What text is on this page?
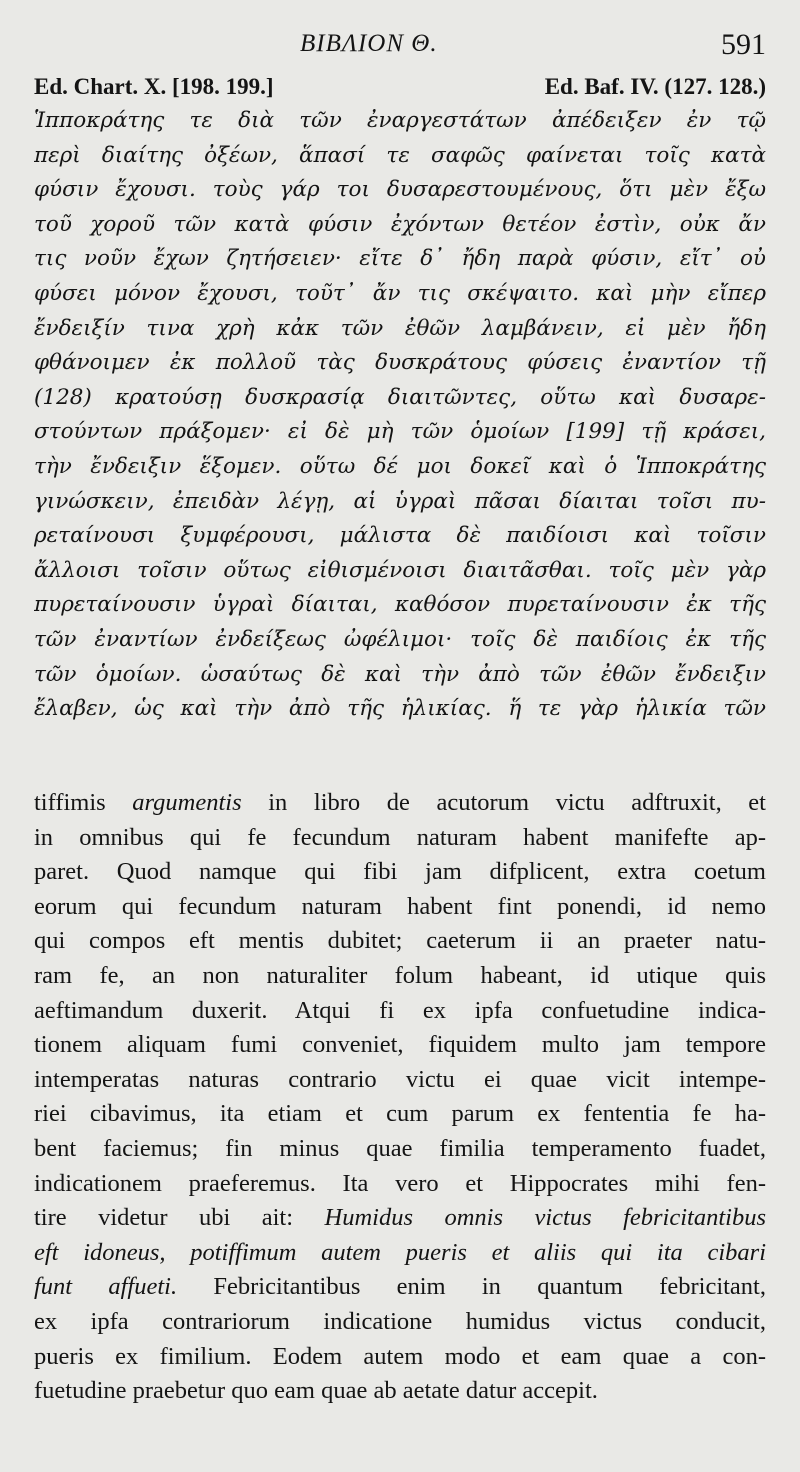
ΒΙΒΛΙΟΝ Θ.	591
Ed. Chart. X. [198. 199.]	Ed. Baf. IV. (127. 128.)
Ἱπποκράτης τε διὰ τῶν ἐναργεστάτων ἀπέδειξεν ἐν τῷ
περὶ διαίτης ὀξέων, ἅπασί τε σαφῶς φαίνεται τοῖς κατὰ
φύσιν ἔχουσι. τοὺς γάρ τοι δυσαρεστουμένους, ὅτι μὲν ἔξω
τοῦ χοροῦ τῶν κατὰ φύσιν ἐχόντων θετέον ἐστὶν, οὐκ ἄν
τις νοῦν ἔχων ζητήσειεν· εἴτε δ᾽ ἤδη παρὰ φύσιν, εἴτ᾽ οὐ
φύσει μόνον ἔχουσι, τοῦτ᾽ ἄν τις σκέψαιτο. καὶ μὴν εἴπερ
ἔνδειξίν τινα χρὴ κἀκ τῶν ἐθῶν λαμβάνειν, εἰ μὲν ἤδη
φθάνοιμεν ἐκ πολλοῦ τὰς δυσκράτους φύσεις ἐναντίον τῇ
(128) κρατούσῃ δυσκρασίᾳ διαιτῶντες, οὕτω καὶ δυσαρε-
στούντων πράξομεν· εἰ δὲ μὴ τῶν ὁμοίων [199] τῇ κράσει,
τὴν ἔνδειξιν ἕξομεν. οὕτω δέ μοι δοκεῖ καὶ ὁ Ἱπποκράτης
γινώσκειν, ἐπειδὰν λέγῃ, αἱ ὑγραὶ πᾶσαι δίαιται τοῖσι πυ-
ρεταίνουσι ξυμφέρουσι, μάλιστα δὲ παιδίοισι καὶ τοῖσιν
ἄλλοισι τοῖσιν οὕτως εἰθισμένοισι διαιτᾶσθαι. τοῖς μὲν γὰρ
πυρεταίνουσιν ὑγραὶ δίαιται, καθόσον πυρεταίνουσιν ἐκ τῆς
τῶν ἐναντίων ἐνδείξεως ὠφέλιμοι· τοῖς δὲ παιδίοις ἐκ τῆς
τῶν ὁμοίων. ὡσαύτως δὲ καὶ τὴν ἀπὸ τῶν ἐθῶν ἔνδειξιν
ἔλαβεν, ὡς καὶ τὴν ἀπὸ τῆς ἡλικίας. ἥ τε γὰρ ἡλικία τῶν
tiffimis argumentis in libro de acutorum victu adftruxit, et
in omnibus qui fe fecundum naturam habent manifefte ap-
paret. Quod namque qui fibi jam difplicent, extra coetum
eorum qui fecundum naturam habent fint ponendi, id nemo
qui compos eft mentis dubitet; caeterum ii an praeter natu-
ram fe, an non naturaliter folum habeant, id utique quis
aeftimandum duxerit. Atqui fi ex ipfa confuetudine indica-
tionem aliquam fumi conveniet, fiquidem multo jam tempore
intemperatas naturas contrario victu ei quae vicit intempe-
riei cibavimus, ita etiam et cum parum ex fententia fe ha-
bent faciemus; fin minus quae fimilia temperamento fuadet,
indicationem praeferemus. Ita vero et Hippocrates mihi fen-
tire videtur ubi ait: Humidus omnis victus febricitantibus
eft idoneus, potiffimum autem pueris et aliis qui ita cibari
funt affueti. Febricitantibus enim in quantum febricitant,
ex ipfa contrariorum indicatione humidus victus conducit,
pueris ex fimilium. Eodem autem modo et eam quae a con-
fuetudine praebetur quo eam quae ab aetate datur accepit.
